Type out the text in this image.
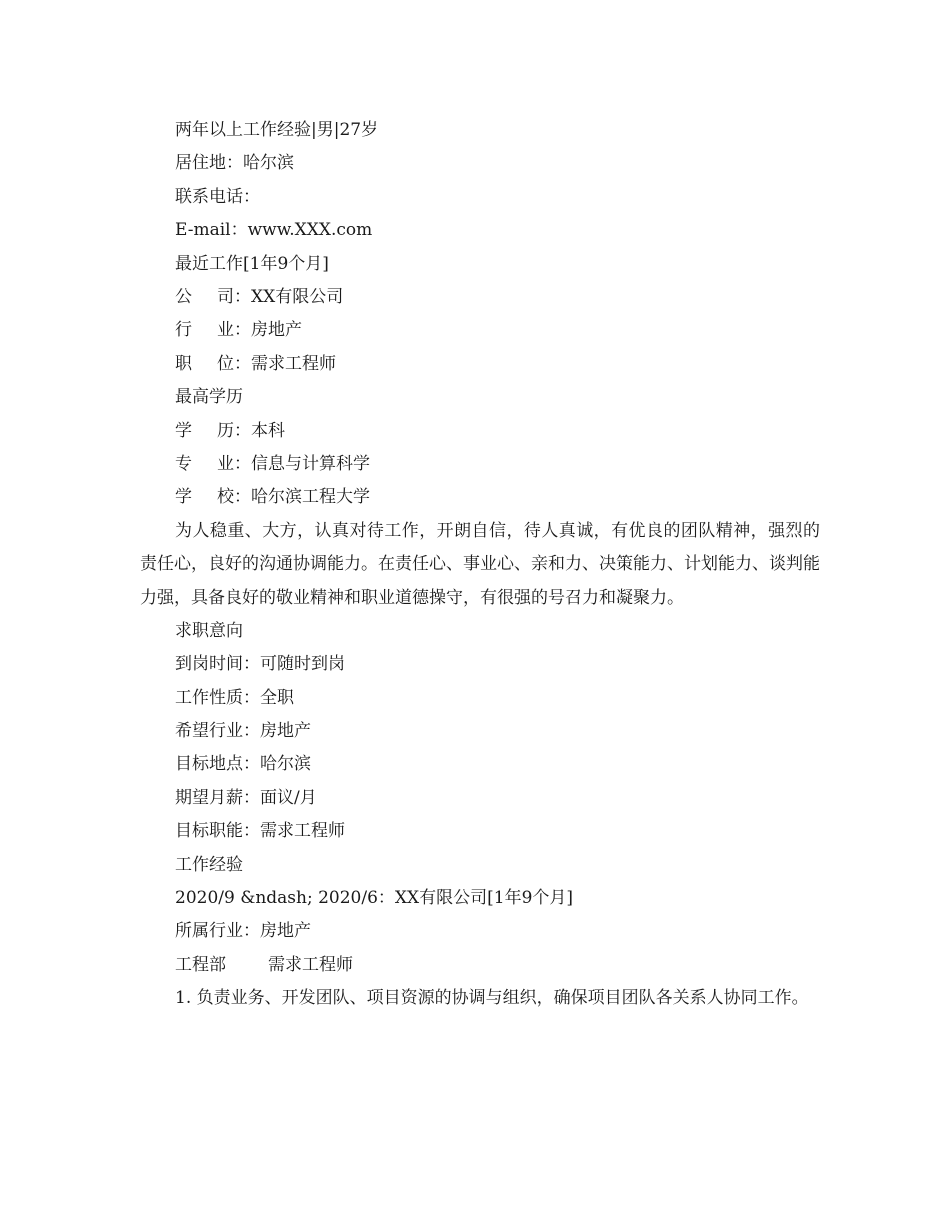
两年以上工作经验|男|27岁
居住地：哈尔滨
联系电话：
E-mail：www.XXX.com
最近工作[1年9个月]
公 司：XX有限公司
行 业：房地产
职 位：需求工程师
最高学历
学 历：本科
专 业：信息与计算科学
学 校：哈尔滨工程大学

为人稳重、大方，认真对待工作，开朗自信，待人真诚，有优良的团队精神，强烈的责任心，良好的沟通协调能力。在责任心、事业心、亲和力、决策能力、计划能力、谈判能力强，具备良好的敬业精神和职业道德操守，有很强的号召力和凝聚力。

求职意向
到岗时间：可随时到岗
工作性质：全职
希望行业：房地产
目标地点：哈尔滨
期望月薪：面议/月
目标职能：需求工程师
工作经验
2020/9 &ndash; 2020/6：XX有限公司[1年9个月]
所属行业：房地产
工程部 需求工程师

1. 负责业务、开发团队、项目资源的协调与组织，确保项目团队各关系人协同工作。
